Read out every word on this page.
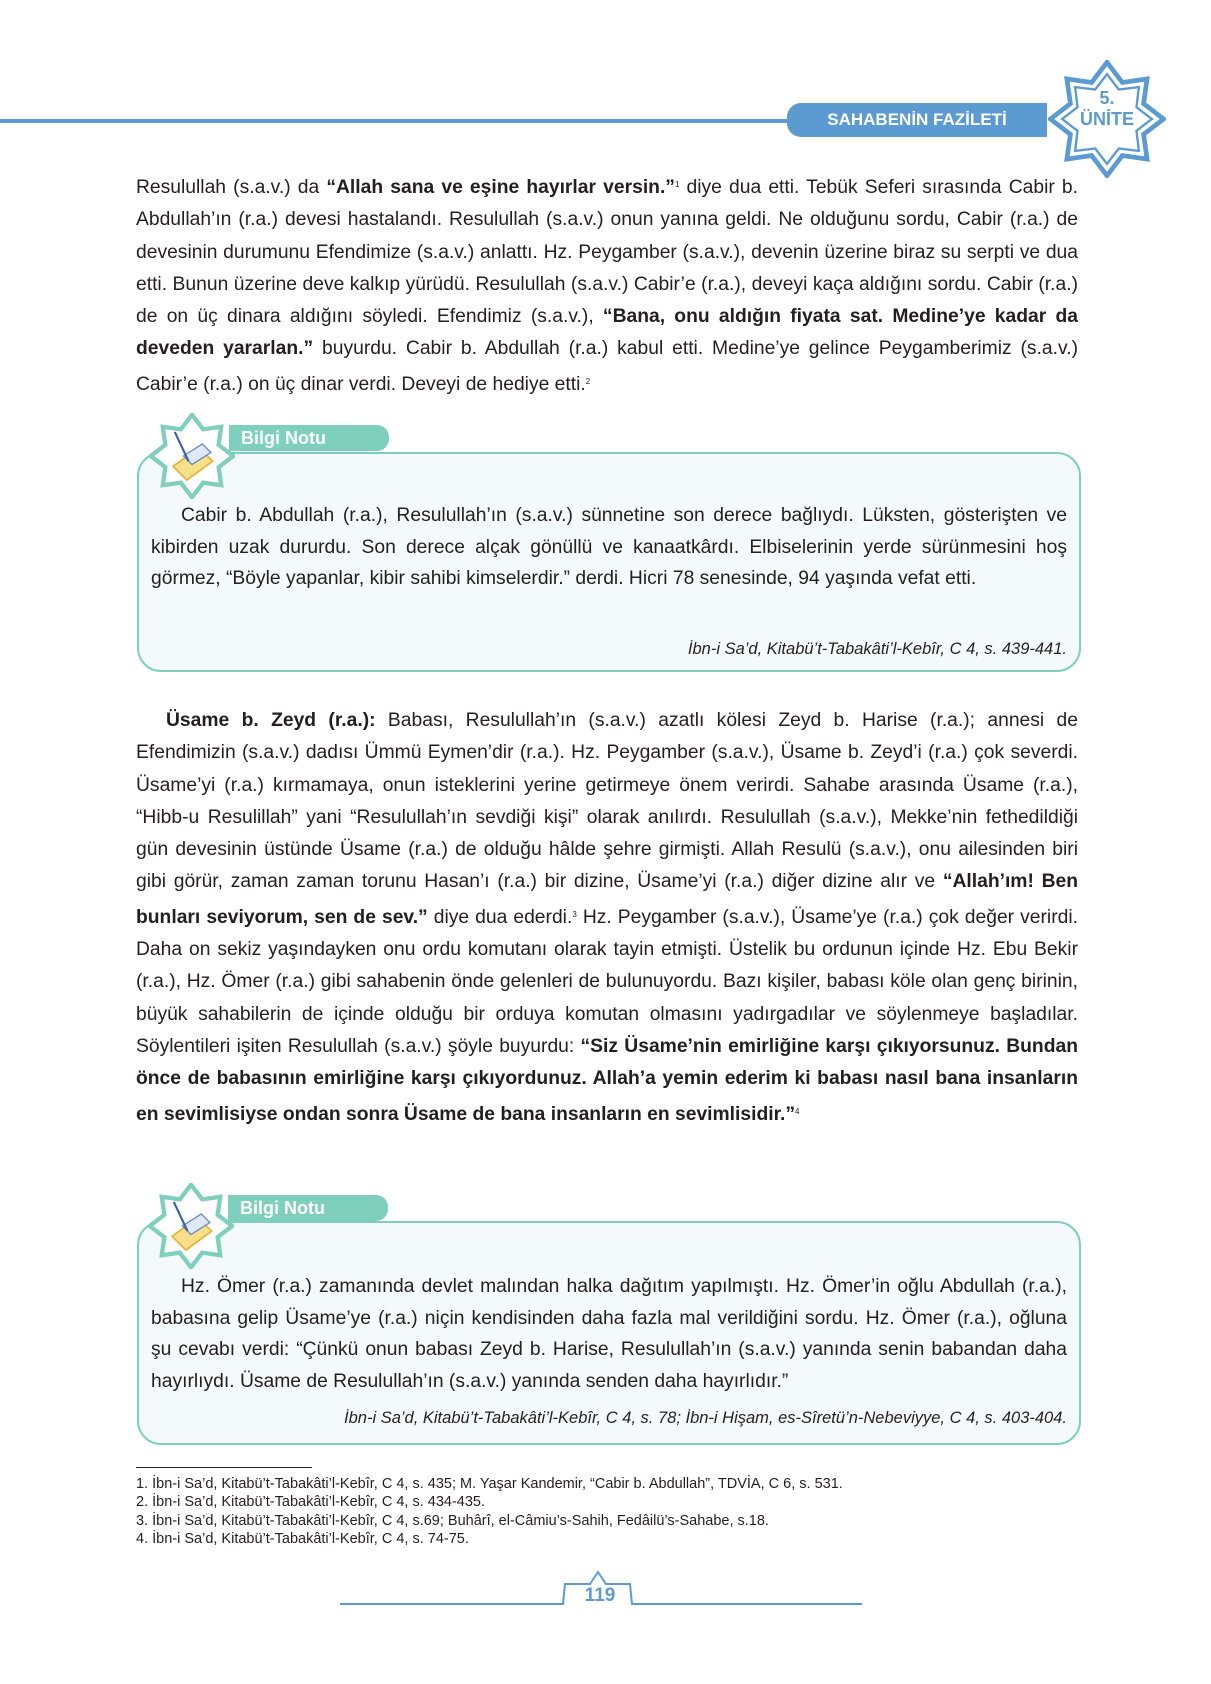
SAHABENİN FAZİLETİ
5.
ÜNİTE

Resulullah (s.a.v.) da “Allah sana ve eşine hayırlar versin.”$^1$ diye dua etti. Tebük Seferi sırasında Cabir b. Abdullah’ın (r.a.) devesi hastalandı. Resulullah (s.a.v.) onun yanına geldi. Ne olduğunu sordu, Cabir (r.a.) de devesinin durumunu Efendimize (s.a.v.) anlattı. Hz. Peygamber (s.a.v.), devenin üzerine biraz su serpti ve dua etti. Bunun üzerine deve kalkıp yürüdü. Resulullah (s.a.v.) Cabir’e (r.a.), deveyi kaça aldığını sordu. Cabir (r.a.) de on üç dinara aldığını söyledi. Efendimiz (s.a.v.), “Bana, onu aldığın fiyata sat. Medine’ye kadar da deveden yararlan.” buyurdu. Cabir b. Abdullah (r.a.) kabul etti. Medine’ye gelince Peygamberimiz (s.a.v.) Cabir’e (r.a.) on üç dinar verdi. Deveyi de hediye etti.$^2$

Cabir b. Abdullah (r.a.), Resulullah’ın (s.a.v.) sünnetine son derece bağlıydı. Lüksten, gösterişten ve kibirden uzak dururdu. Son derece alçak gönüllü ve kanaatkârdı. Elbiselerinin yerde sürünmesini hoş görmez, “Böyle yapanlar, kibir sahibi kimselerdir.” derdi. Hicri 78 senesinde, 94 yaşında vefat etti.
İbn-i Sa’d, Kitabü’t-Tabakâti’l-Kebîr, C 4, s. 439-441.
Bilgi Notu

Üsame b. Zeyd (r.a.): Babası, Resulullah’ın (s.a.v.) azatlı kölesi Zeyd b. Harise (r.a.); annesi de Efendimizin (s.a.v.) dadısı Ümmü Eymen’dir (r.a.). Hz. Peygamber (s.a.v.), Üsame b. Zeyd’i (r.a.) çok severdi. Üsame’yi (r.a.) kırmamaya, onun isteklerini yerine getirmeye önem verirdi. Sahabe arasında Üsame (r.a.), “Hibb-u Resulillah” yani “Resulullah’ın sevdiği kişi” olarak anılırdı. Resulullah (s.a.v.), Mekke’nin fethedildiği gün devesinin üstünde Üsame (r.a.) de olduğu hâlde şehre girmişti. Allah Resulü (s.a.v.), onu ailesinden biri gibi görür, zaman zaman torunu Hasan’ı (r.a.) bir dizine, Üsame’yi (r.a.) diğer dizine alır ve “Allah’ım! Ben bunları seviyorum, sen de sev.” diye dua ederdi.$^3$ Hz. Peygamber (s.a.v.), Üsame’ye (r.a.) çok değer verirdi. Daha on sekiz yaşındayken onu ordu komutanı olarak tayin etmişti. Üstelik bu ordunun içinde Hz. Ebu Bekir (r.a.), Hz. Ömer (r.a.) gibi sahabenin önde gelenleri de bulunuyordu. Bazı kişiler, babası köle olan genç birinin, büyük sahabilerin de içinde olduğu bir orduya komutan olmasını yadırgadılar ve söylenmeye başladılar. Söylentileri işiten Resulullah (s.a.v.) şöyle buyurdu: “Siz Üsame’nin emirliğine karşı çıkıyorsunuz. Bundan önce de babasının emirliğine karşı çıkıyordunuz. Allah’a yemin ederim ki babası nasıl bana insanların en sevimlisiyse ondan sonra Üsame de bana insanların en sevimlisidir.”$^4$

Hz. Ömer (r.a.) zamanında devlet malından halka dağıtım yapılmıştı. Hz. Ömer’in oğlu Abdullah (r.a.), babasına gelip Üsame’ye (r.a.) niçin kendisinden daha fazla mal verildiğini sordu. Hz. Ömer (r.a.), oğluna şu cevabı verdi: “Çünkü onun babası Zeyd b. Harise, Resulullah’ın (s.a.v.) yanında senin babandan daha hayırlıydı. Üsame de Resulullah’ın (s.a.v.) yanında senden daha hayırlıdır.”
İbn-i Sa’d, Kitabü’t-Tabakâti’l-Kebîr, C 4, s. 78; İbn-i Hişam, es-Sîretü’n-Nebeviyye, C 4, s. 403-404.
Bilgi Notu
1. İbn-i Sa’d, Kitabü’t-Tabakâti’l-Kebîr, C 4, s. 435; M. Yaşar Kandemir, “Cabir b. Abdullah”, TDVİA, C 6, s. 531.
2. İbn-i Sa’d, Kitabü’t-Tabakâti’l-Kebîr, C 4, s. 434-435.
3. İbn-i Sa’d, Kitabü’t-Tabakâti’l-Kebîr, C 4, s.69; Buhârî, el-Câmiu’s-Sahih, Fedâilü’s-Sahabe, s.18.
4. İbn-i Sa’d, Kitabü’t-Tabakâti’l-Kebîr, C 4, s. 74-75.
119
